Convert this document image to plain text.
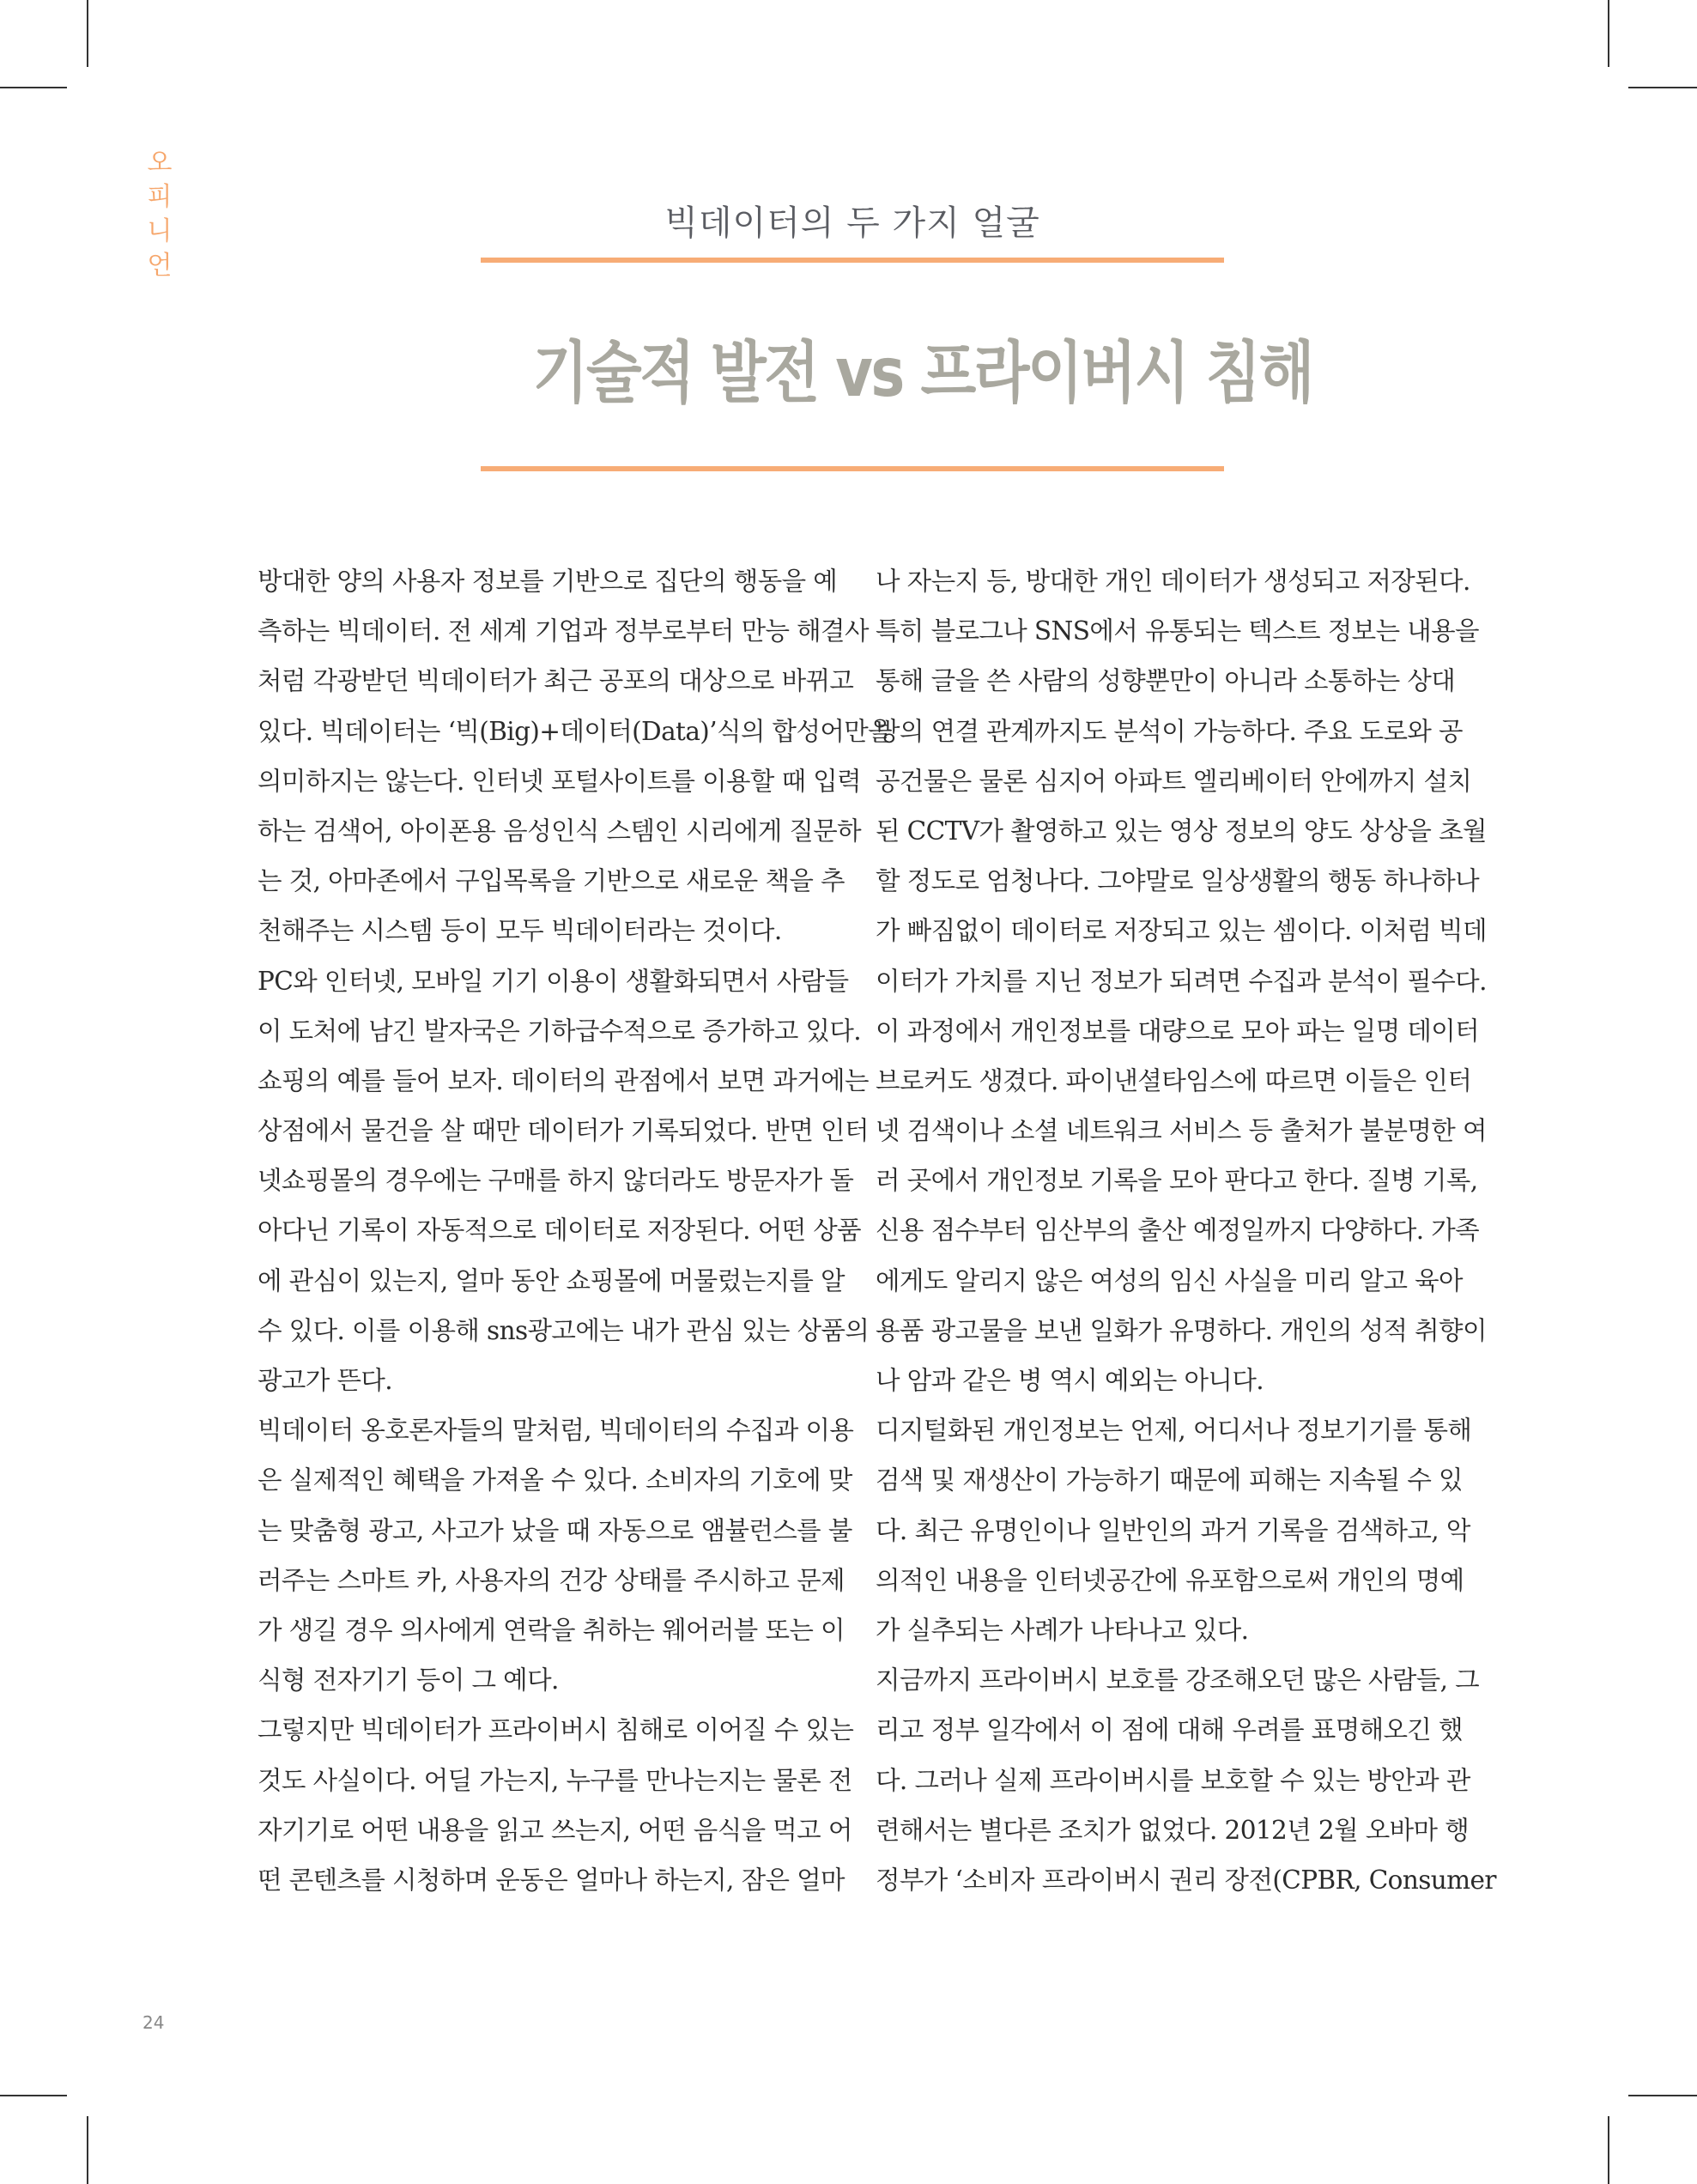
오
피
니
언
빅데이터의 두 가지 얼굴
기술적 발전 vs 프라이버시 침해
방대한 양의 사용자 정보를 기반으로 집단의 행동을 예
측하는 빅데이터. 전 세계 기업과 정부로부터 만능 해결사
처럼 각광받던 빅데이터가 최근 공포의 대상으로 바뀌고
있다. 빅데이터는 ‘빅(Big)+데이터(Data)’식의 합성어만을
의미하지는 않는다. 인터넷 포털사이트를 이용할 때 입력
하는 검색어, 아이폰용 음성인식 스템인 시리에게 질문하
는 것, 아마존에서 구입목록을 기반으로 새로운 책을 추
천해주는 시스템 등이 모두 빅데이터라는 것이다.
PC와 인터넷, 모바일 기기 이용이 생활화되면서 사람들
이 도처에 남긴 발자국은 기하급수적으로 증가하고 있다.
쇼핑의 예를 들어 보자. 데이터의 관점에서 보면 과거에는
상점에서 물건을 살 때만 데이터가 기록되었다. 반면 인터
넷쇼핑몰의 경우에는 구매를 하지 않더라도 방문자가 돌
아다닌 기록이 자동적으로 데이터로 저장된다. 어떤 상품
에 관심이 있는지, 얼마 동안 쇼핑몰에 머물렀는지를 알
수 있다. 이를 이용해 sns광고에는 내가 관심 있는 상품의
광고가 뜬다.
빅데이터 옹호론자들의 말처럼, 빅데이터의 수집과 이용
은 실제적인 혜택을 가져올 수 있다. 소비자의 기호에 맞
는 맞춤형 광고, 사고가 났을 때 자동으로 앰뷸런스를 불
러주는 스마트 카, 사용자의 건강 상태를 주시하고 문제
가 생길 경우 의사에게 연락을 취하는 웨어러블 또는 이
식형 전자기기 등이 그 예다.
그렇지만 빅데이터가 프라이버시 침해로 이어질 수 있는
것도 사실이다. 어딜 가는지, 누구를 만나는지는 물론 전
자기기로 어떤 내용을 읽고 쓰는지, 어떤 음식을 먹고 어
떤 콘텐츠를 시청하며 운동은 얼마나 하는지, 잠은 얼마
나 자는지 등, 방대한 개인 데이터가 생성되고 저장된다.
특히 블로그나 SNS에서 유통되는 텍스트 정보는 내용을
통해 글을 쓴 사람의 성향뿐만이 아니라 소통하는 상대
방의 연결 관계까지도 분석이 가능하다. 주요 도로와 공
공건물은 물론 심지어 아파트 엘리베이터 안에까지 설치
된 CCTV가 촬영하고 있는 영상 정보의 양도 상상을 초월
할 정도로 엄청나다. 그야말로 일상생활의 행동 하나하나
가 빠짐없이 데이터로 저장되고 있는 셈이다. 이처럼 빅데
이터가 가치를 지닌 정보가 되려면 수집과 분석이 필수다.
이 과정에서 개인정보를 대량으로 모아 파는 일명 데이터
브로커도 생겼다. 파이낸셜타임스에 따르면 이들은 인터
넷 검색이나 소셜 네트워크 서비스 등 출처가 불분명한 여
러 곳에서 개인정보 기록을 모아 판다고 한다. 질병 기록,
신용 점수부터 임산부의 출산 예정일까지 다양하다. 가족
에게도 알리지 않은 여성의 임신 사실을 미리 알고 육아
용품 광고물을 보낸 일화가 유명하다. 개인의 성적 취향이
나 암과 같은 병 역시 예외는 아니다.
디지털화된 개인정보는 언제, 어디서나 정보기기를 통해
검색 및 재생산이 가능하기 때문에 피해는 지속될 수 있
다. 최근 유명인이나 일반인의 과거 기록을 검색하고, 악
의적인 내용을 인터넷공간에 유포함으로써 개인의 명예
가 실추되는 사례가 나타나고 있다.
지금까지 프라이버시 보호를 강조해오던 많은 사람들, 그
리고 정부 일각에서 이 점에 대해 우려를 표명해오긴 했
다. 그러나 실제 프라이버시를 보호할 수 있는 방안과 관
련해서는 별다른 조치가 없었다. 2012년 2월 오바마 행
정부가 ‘소비자 프라이버시 권리 장전(CPBR, Consumer
24
